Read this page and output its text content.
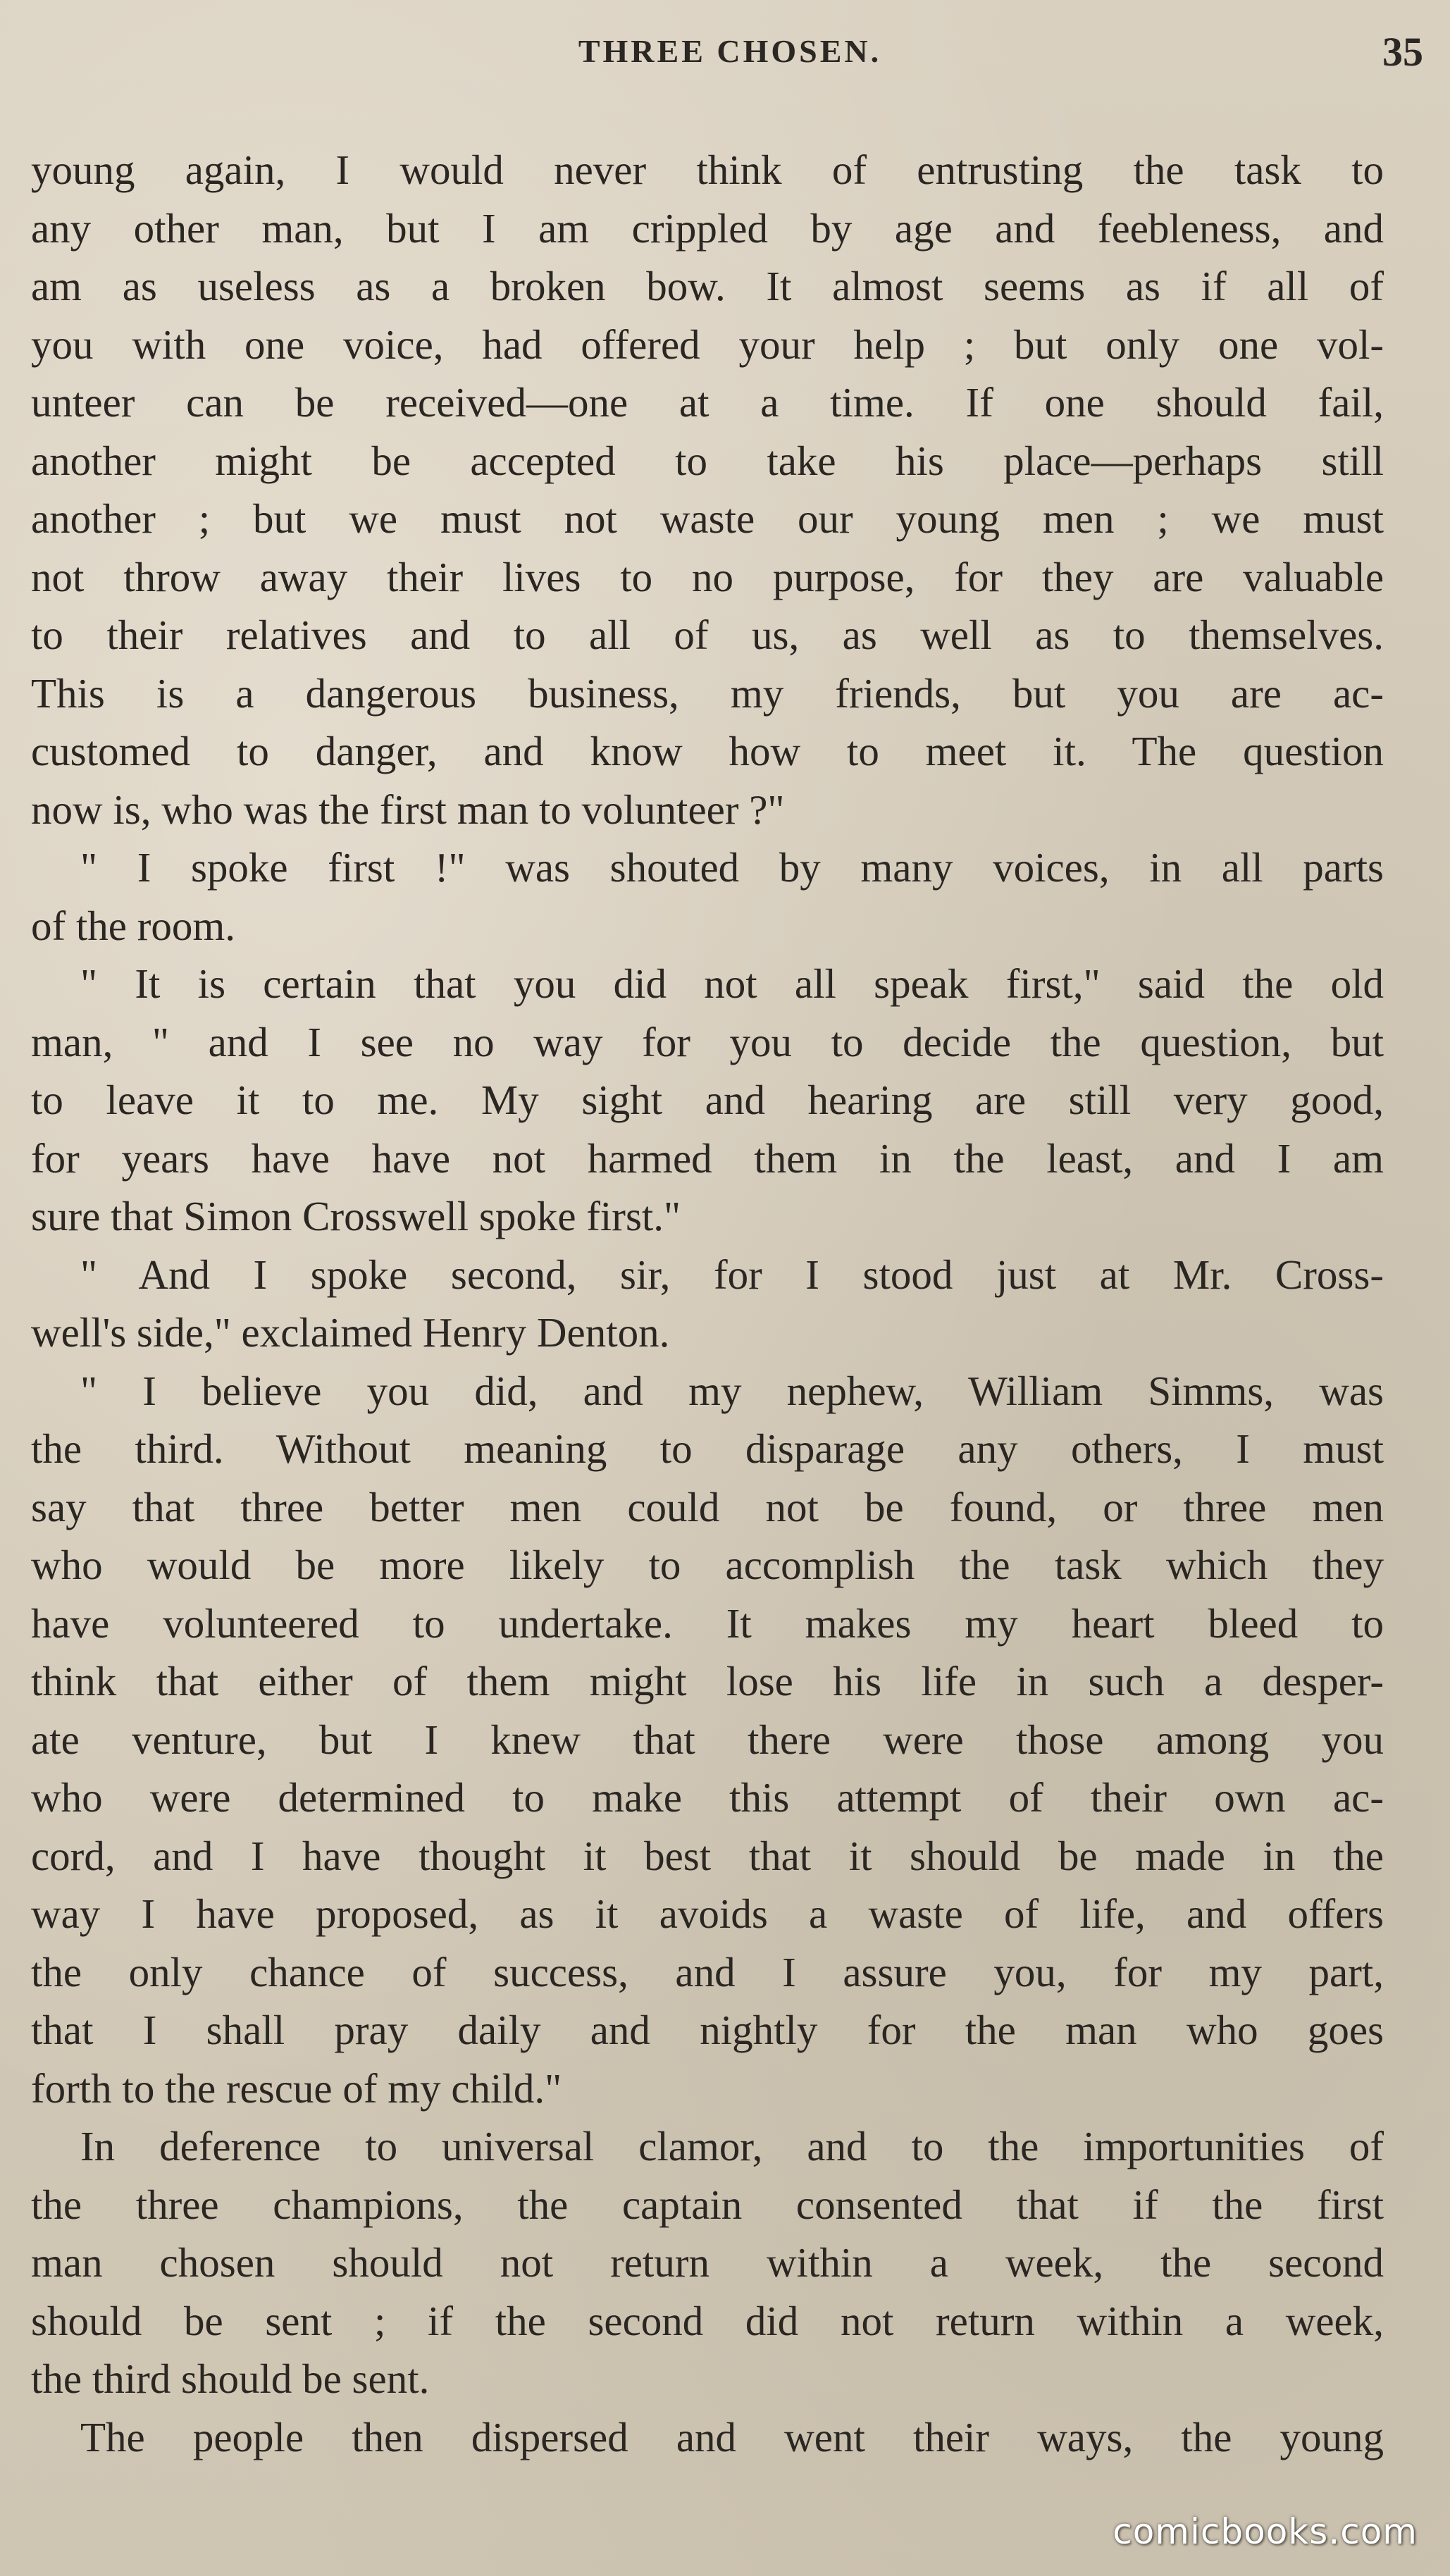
THREE CHOSEN.	35
young again, I would never think of entrusting the task to
any other man, but I am crippled by age and feebleness, and
am as useless as a broken bow. It almost seems as if all of
you with one voice, had offered your help ; but only one vol-
unteer can be received—one at a time. If one should fail,
another might be accepted to take his place—perhaps still
another ; but we must not waste our young men ; we must
not throw away their lives to no purpose, for they are valuable
to their relatives and to all of us, as well as to themselves.
This is a dangerous business, my friends, but you are ac-
customed to danger, and know how to meet it. The question
now is, who was the first man to volunteer ?"
" I spoke first !" was shouted by many voices, in all parts
of the room.
" It is certain that you did not all speak first," said the old
man, " and I see no way for you to decide the question, but
to leave it to me. My sight and hearing are still very good,
for years have have not harmed them in the least, and I am
sure that Simon Crosswell spoke first."
" And I spoke second, sir, for I stood just at Mr. Cross-
well's side," exclaimed Henry Denton.
" I believe you did, and my nephew, William Simms, was
the third. Without meaning to disparage any others, I must
say that three better men could not be found, or three men
who would be more likely to accomplish the task which they
have volunteered to undertake. It makes my heart bleed to
think that either of them might lose his life in such a desper-
ate venture, but I knew that there were those among you
who were determined to make this attempt of their own ac-
cord, and I have thought it best that it should be made in the
way I have proposed, as it avoids a waste of life, and offers
the only chance of success, and I assure you, for my part,
that I shall pray daily and nightly for the man who goes
forth to the rescue of my child."
In deference to universal clamor, and to the importunities of
the three champions, the captain consented that if the first
man chosen should not return within a week, the second
should be sent ; if the second did not return within a week,
the third should be sent.
The people then dispersed and went their ways, the young
comicbooks.com
